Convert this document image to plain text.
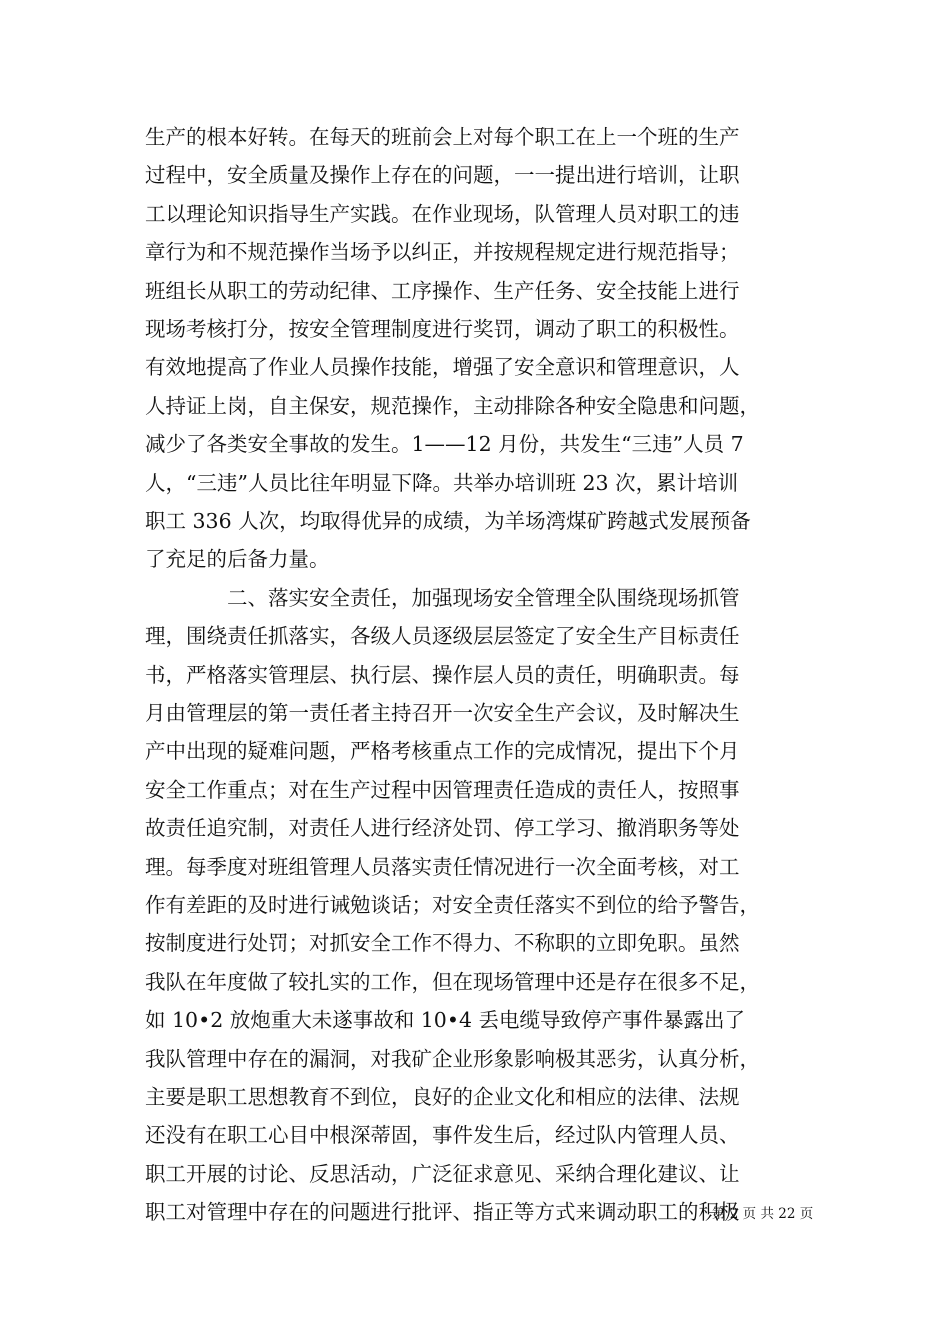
生产的根本好转。在每天的班前会上对每个职工在上一个班的生产
过程中，安全质量及操作上存在的问题，一一提出进行培训，让职
工以理论知识指导生产实践。在作业现场，队管理人员对职工的违
章行为和不规范操作当场予以纠正，并按规程规定进行规范指导；
班组长从职工的劳动纪律、工序操作、生产任务、安全技能上进行
现场考核打分，按安全管理制度进行奖罚，调动了职工的积极性。
有效地提高了作业人员操作技能，增强了安全意识和管理意识，人
人持证上岗，自主保安，规范操作，主动排除各种安全隐患和问题，
减少了各类安全事故的发生。1——12 月份，共发生“三违”人员 7
人，“三违”人员比往年明显下降。共举办培训班 23 次，累计培训
职工 336 人次，均取得优异的成绩，为羊场湾煤矿跨越式发展预备
了充足的后备力量。
　　　　二、落实安全责任，加强现场安全管理全队围绕现场抓管
理，围绕责任抓落实，各级人员逐级层层签定了安全生产目标责任
书，严格落实管理层、执行层、操作层人员的责任，明确职责。每
月由管理层的第一责任者主持召开一次安全生产会议，及时解决生
产中出现的疑难问题，严格考核重点工作的完成情况，提出下个月
安全工作重点；对在生产过程中因管理责任造成的责任人，按照事
故责任追究制，对责任人进行经济处罚、停工学习、撤消职务等处
理。每季度对班组管理人员落实责任情况进行一次全面考核，对工
作有差距的及时进行诫勉谈话；对安全责任落实不到位的给予警告，
按制度进行处罚；对抓安全工作不得力、不称职的立即免职。虽然
我队在年度做了较扎实的工作，但在现场管理中还是存在很多不足，
如 10•2 放炮重大未遂事故和 10•4 丢电缆导致停产事件暴露出了
我队管理中存在的漏洞，对我矿企业形象影响极其恶劣，认真分析，
主要是职工思想教育不到位，良好的企业文化和相应的法律、法规
还没有在职工心目中根深蒂固，事件发生后，经过队内管理人员、
职工开展的讨论、反思活动，广泛征求意见、采纳合理化建议、让
职工对管理中存在的问题进行批评、指正等方式来调动职工的积极
第 2 页 共 22 页
